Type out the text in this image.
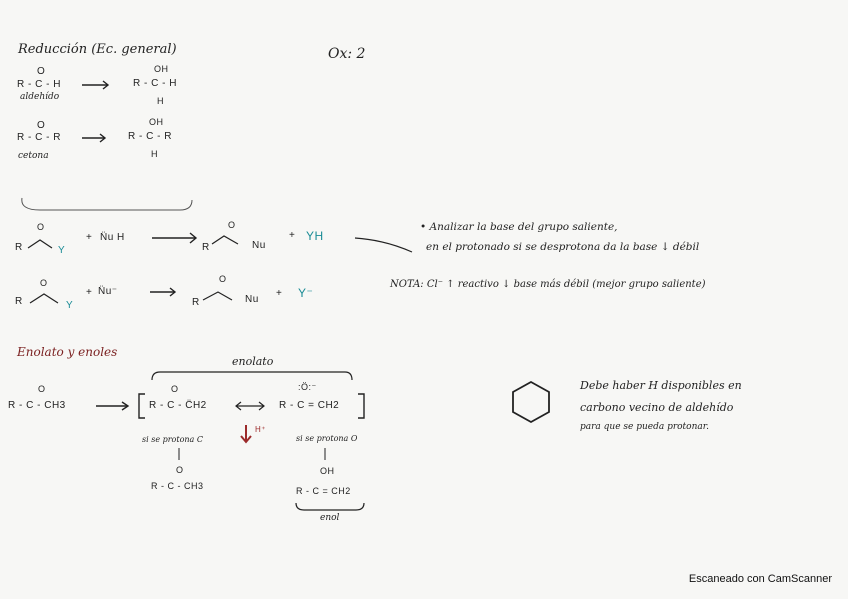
Reducción (Ec. general)	Ox: 2
O
R - C - H
aldehído
OH
R - C - H
H
O
R - C - R
cetona
OH
R - C - R
H
R
O
Y
+ N̈u H
R
O
Nu
+ YH
R
O
Y
+ N̈u⁻
R
O
Nu
+ Y⁻
• Analizar la base del grupo saliente,
en el protonado si se desprotona da la base ↓ débil
NOTA: Cl⁻ ↑ reactivo ↓ base más débil (mejor grupo saliente)
Enolato y enoles
enolato
O
R - C - CH3
O
R - C - C̈H2
:Ö:⁻
R - C = CH2
H⁺
si se protona C	si se protona O
O
R - C - CH3
OH
R - C = CH2
enol
Debe haber H disponibles en
carbono vecino de aldehído
para que se pueda protonar.
Escaneado con CamScanner
